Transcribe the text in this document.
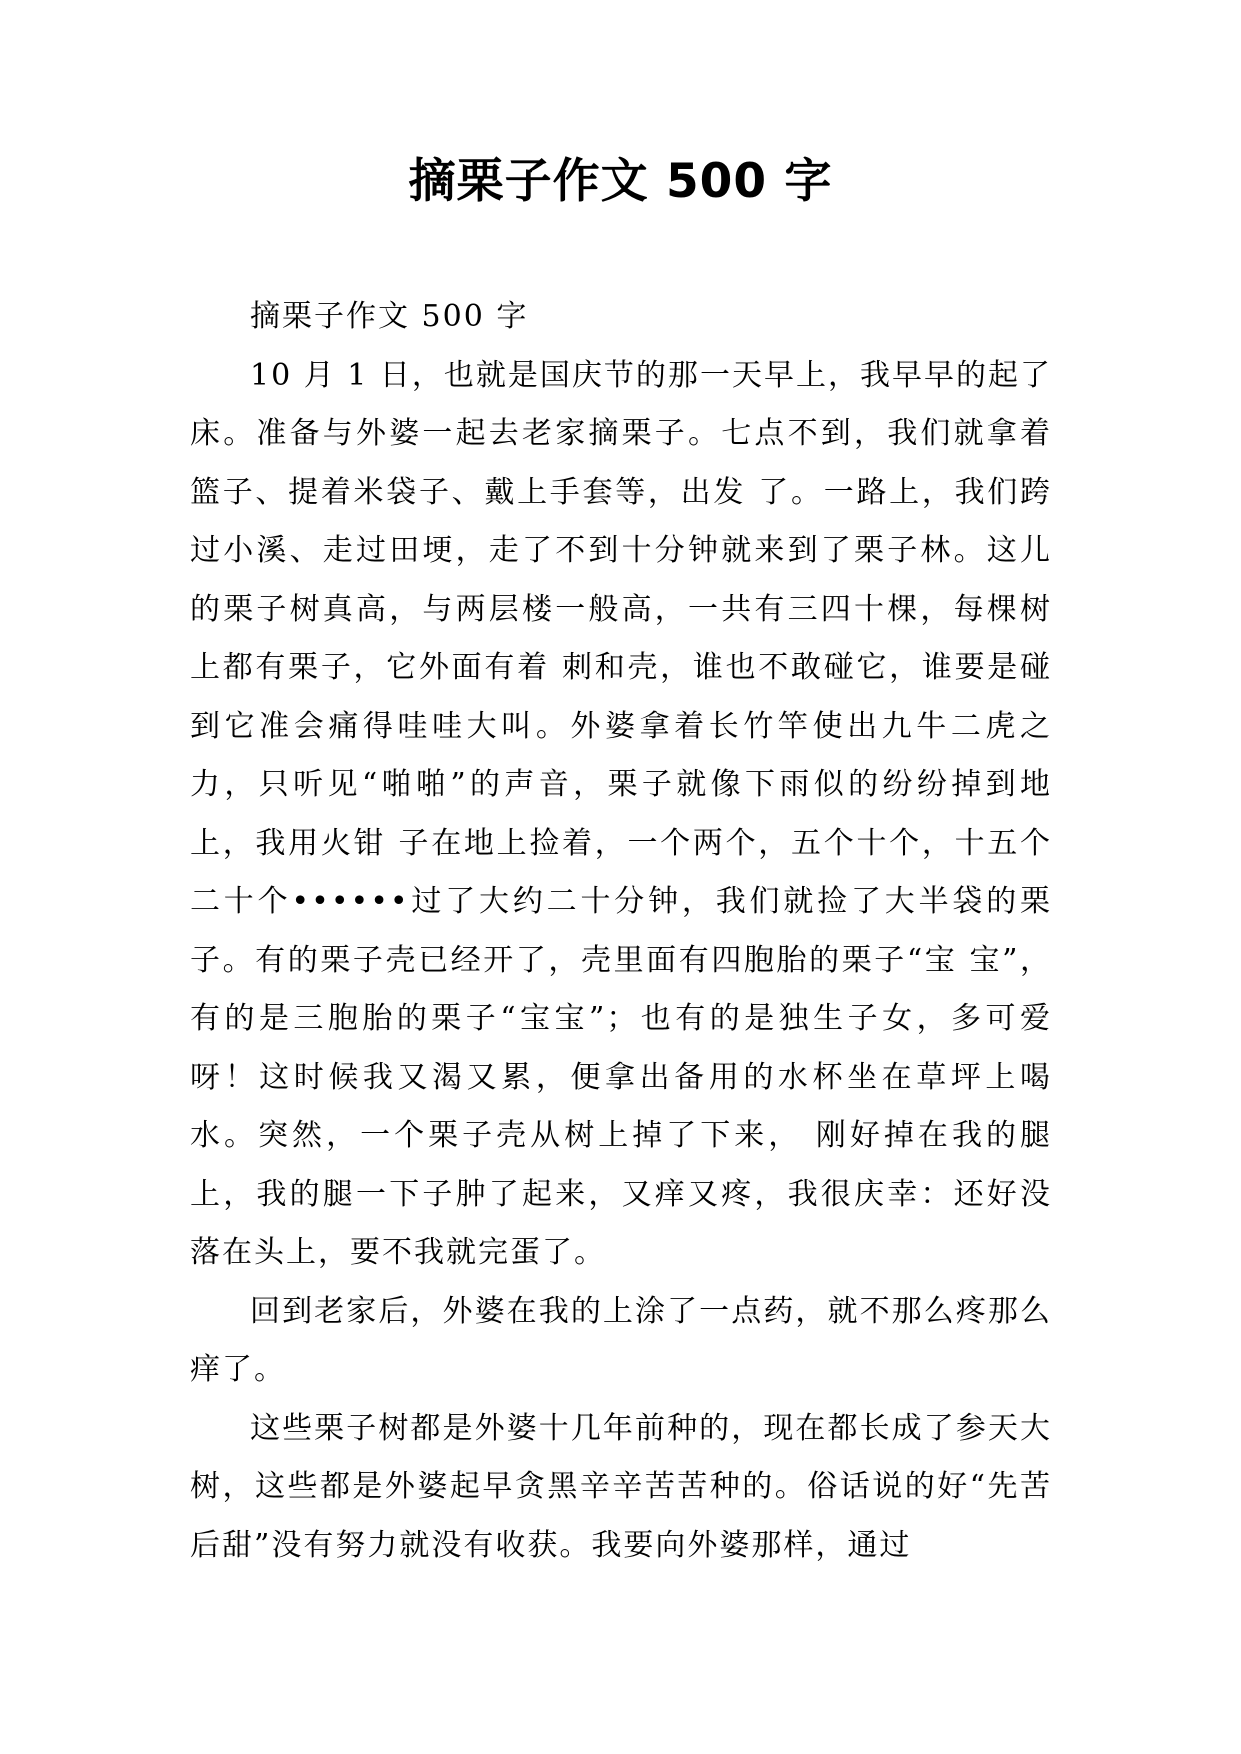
摘栗子作文 500 字

摘栗子作文 500 字

10 月 1 日，也就是国庆节的那一天早上，我早早的起了床。准备与外婆一起去老家摘栗子。七点不到，我们就拿着篮子、提着米袋子、戴上手套等，出发 了。一路上，我们跨过小溪、走过田埂，走了不到十分钟就来到了栗子林。这儿的栗子树真高，与两层楼一般高，一共有三四十棵，每棵树上都有栗子，它外面有着 刺和壳，谁也不敢碰它，谁要是碰到它准会痛得哇哇大叫。外婆拿着长竹竿使出九牛二虎之力，只听见“啪啪”的声音，栗子就像下雨似的纷纷掉到地上，我用火钳 子在地上捡着，一个两个，五个十个，十五个二十个••••••过了大约二十分钟，我们就捡了大半袋的栗子。有的栗子壳已经开了，壳里面有四胞胎的栗子“宝 宝”，有的是三胞胎的栗子“宝宝”；也有的是独生子女，多可爱呀！这时候我又渴又累，便拿出备用的水杯坐在草坪上喝水。突然，一个栗子壳从树上掉了下来， 刚好掉在我的腿上，我的腿一下子肿了起来，又痒又疼，我很庆幸：还好没落在头上，要不我就完蛋了。

回到老家后，外婆在我的上涂了一点药，就不那么疼那么痒了。

这些栗子树都是外婆十几年前种的，现在都长成了参天大树，这些都是外婆起早贪黑辛辛苦苦种的。俗话说的好“先苦后甜”没有努力就没有收获。我要向外婆那样，通过
